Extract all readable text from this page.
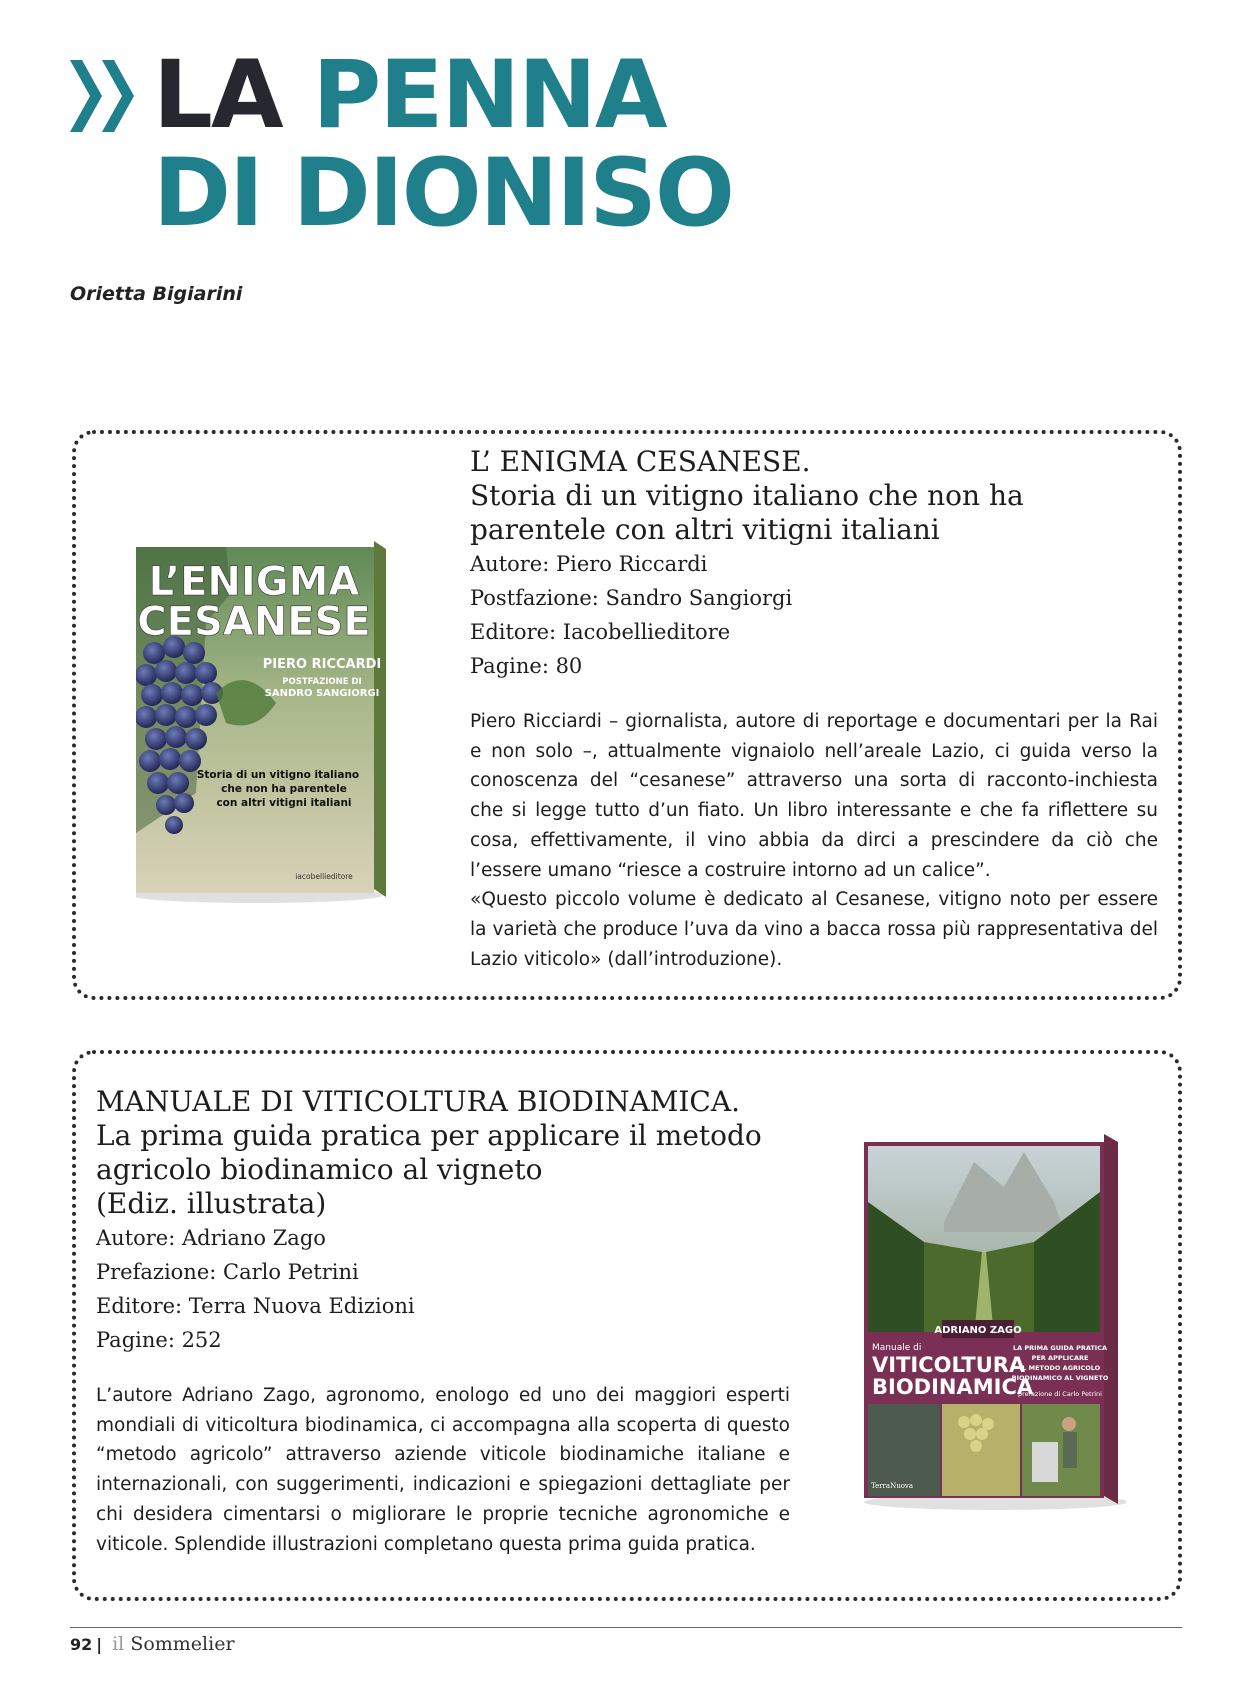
LA PENNA
DI DIONISO
Orietta Bigiarini
L’ENIGMA
CESANESE
PIERO RICCARDI
POSTFAZIONE DI
SANDRO SANGIORGI
Storia di un vitigno italiano
che non ha parentele
con altri vitigni italiani
iacobellieditore

L’ ENIGMA CESANESE.

Storia di un vitigno italiano che non ha

parentele con altri vitigni italiani

Autore: Piero Riccardi
Postfazione: Sandro Sangiorgi
Editore: Iacobellieditore
Pagine: 80
Piero Ricciardi – giornalista, autore di reportage e documentari per la Rai e non solo –, attualmente vignaiolo nell’areale Lazio, ci guida verso la conoscenza del “cesanese” attraverso una sorta di racconto-inchiesta che si legge tutto d’un fiato. Un libro interessante e che fa riflettere su cosa, effettivamente, il vino abbia da dirci a prescindere da ciò che l’essere umano “riesce a costruire intorno ad un calice”.
«Questo piccolo volume è dedicato al Cesanese, vitigno noto per essere la varietà che produce l’uva da vino a bacca rossa più rappresentativa del Lazio viticolo» (dall’introduzione).

MANUALE DI VITICOLTURA BIODINAMICA.

La prima guida pratica per applicare il metodo

agricolo biodinamico al vigneto

(Ediz. illustrata)

Autore: Adriano Zago
Prefazione: Carlo Petrini
Editore: Terra Nuova Edizioni
Pagine: 252
L’autore Adriano Zago, agronomo, enologo ed uno dei maggiori esperti mondiali di viticoltura biodinamica, ci accompagna alla scoperta di questo “metodo agricolo” attraverso aziende viticole biodinamiche italiane e internazionali, con suggerimenti, indicazioni e spiegazioni dettagliate per chi desidera cimentarsi o migliorare le proprie tecniche agronomiche e viticole. Splendide illustrazioni completano questa prima guida pratica.
ADRIANO ZAGO
Manuale di
VITICOLTURA
BIODINAMICA
LA PRIMA GUIDA PRATICA
PER APPLICARE
IL METODO AGRICOLO
BIODINAMICO AL VIGNETO
prefazione di Carlo Petrini
TerraNuova
92 | il Sommelier
